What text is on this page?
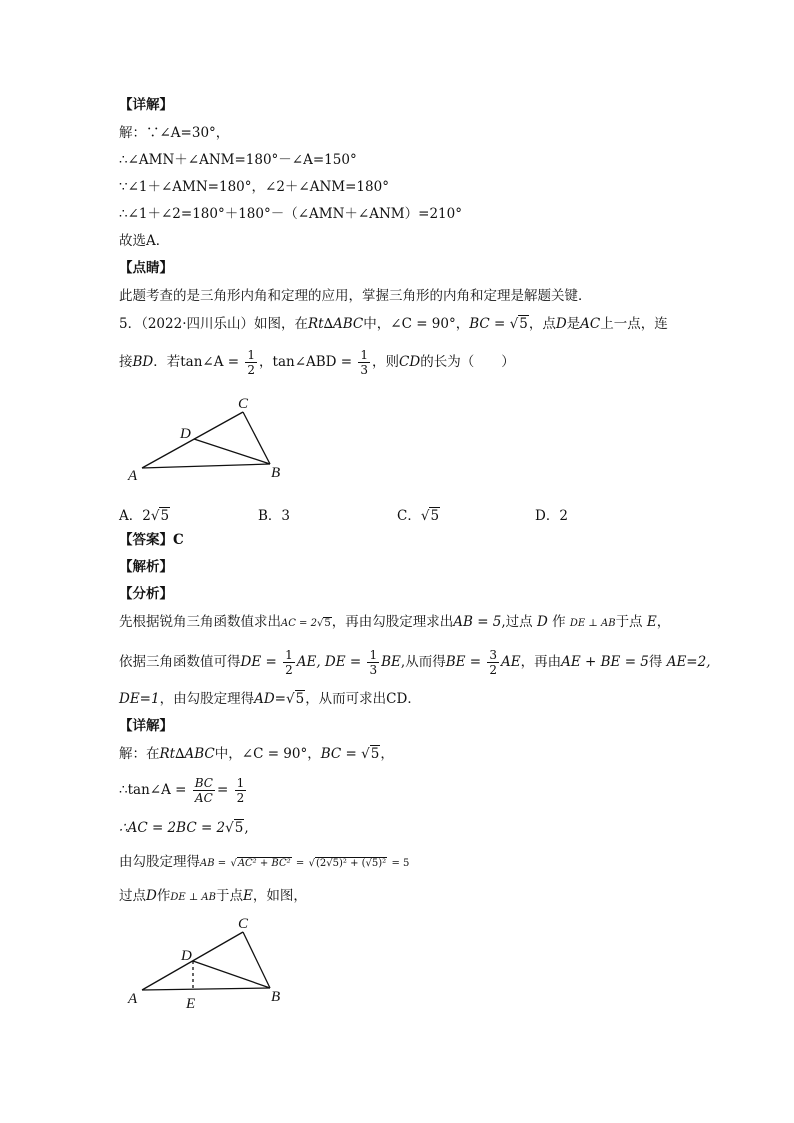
【详解】
解：∵∠A=30°，
∴∠AMN＋∠ANM=180°－∠A=150°
∵∠1＋∠AMN=180°，∠2＋∠ANM=180°
∴∠1＋∠2=180°＋180°－（∠AMN＋∠ANM）=210°
故选A．
【点睛】
此题考查的是三角形内角和定理的应用，掌握三角形的内角和定理是解题关键．
5．（2022·四川乐山）如图，在Rt∆ABC中，∠C = 90°，BC = √5，点D是AC上一点，连
接BD．若tan∠A = $\frac{1}{2}$ ，tan∠ABD = $\frac{1}{3}$ ，则CD的长为（　　）
A	B
C
D
A．2√5	B．3	C．√5	D．2
【答案】C
【解析】
【分析】
先根据锐角三角函数值求出AC = 2√5，再由勾股定理求出AB = 5,过点 D 作 DE ⊥ AB于点 E，
依据三角函数值可得DE = $\frac{1}{2}$ AE, DE = $\frac{1}{3}$ BE,从而得BE = $\frac{3}{2}$ AE，再由AE + BE = 5得 AE=2,
DE=1，由勾股定理得AD=√5，从而可求出CD．
【详解】
解：在Rt∆ABC中，∠C = 90°，BC = √5，
∴tan∠A = $\frac{BC}{AC} = \frac{1}{2}$
∴AC = 2BC = 2√5,
由勾股定理得AB = √AC² + BC² = √(2√5)² + (√5)² = 5
过点D作DE ⊥ AB于点E，如图，
A	B
C
D
E
